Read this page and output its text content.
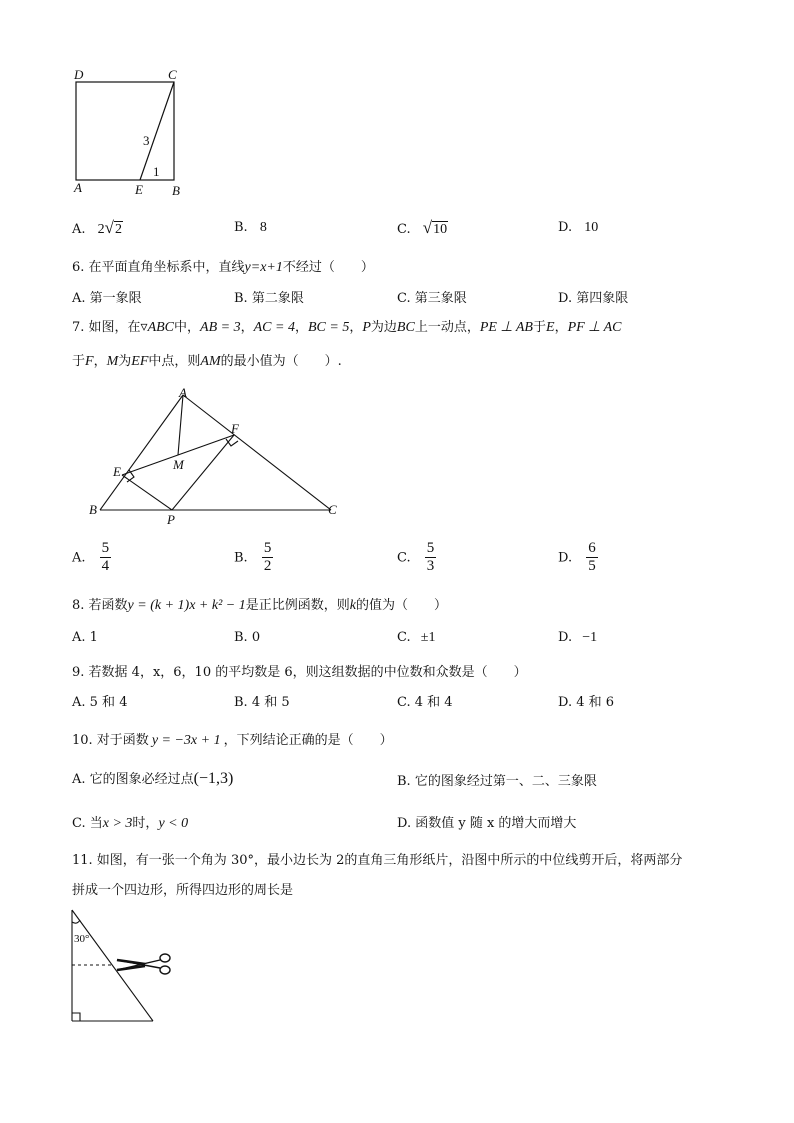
D	C
A	E B
3
1
A. 2√2	B. 8	C. √10	D. 10
6. 在平面直角坐标系中，直线y=x+1不经过（　　）
A. 第一象限	B. 第二象限	C. 第三象限	D. 第四象限
7. 如图，在▿ABC中，AB = 3，AC = 4，BC = 5，P为边BC上一动点，PE ⊥ AB于E，PF ⊥ AC
于F，M为EF中点，则AM的最小值为（　　）.
A
F
M
E
B
P
C
A. $\frac{5}{4}$	B. $\frac{5}{2}$	C. $\frac{5}{3}$	D. $\frac{6}{5}$
8. 若函数y = (k + 1)x + k² − 1是正比例函数，则k的值为（　　）
A. 1	B. 0	C. ±1	D. −1
9. 若数据 4，x，6，10 的平均数是 6，则这组数据的中位数和众数是（　　）
A. 5 和 4	B. 4 和 5	C. 4 和 4	D. 4 和 6
10. 对于函数 y = −3x + 1 ，下列结论正确的是（　　）
A. 它的图象必经过点(−1,3)	B. 它的图象经过第一、二、三象限
C. 当x > 3时，y < 0	D. 函数值 y 随 x 的增大而增大
11. 如图，有一张一个角为 30°，最小边长为 2的直角三角形纸片，沿图中所示的中位线剪开后，将两部分
拼成一个四边形，所得四边形的周长是
30°
